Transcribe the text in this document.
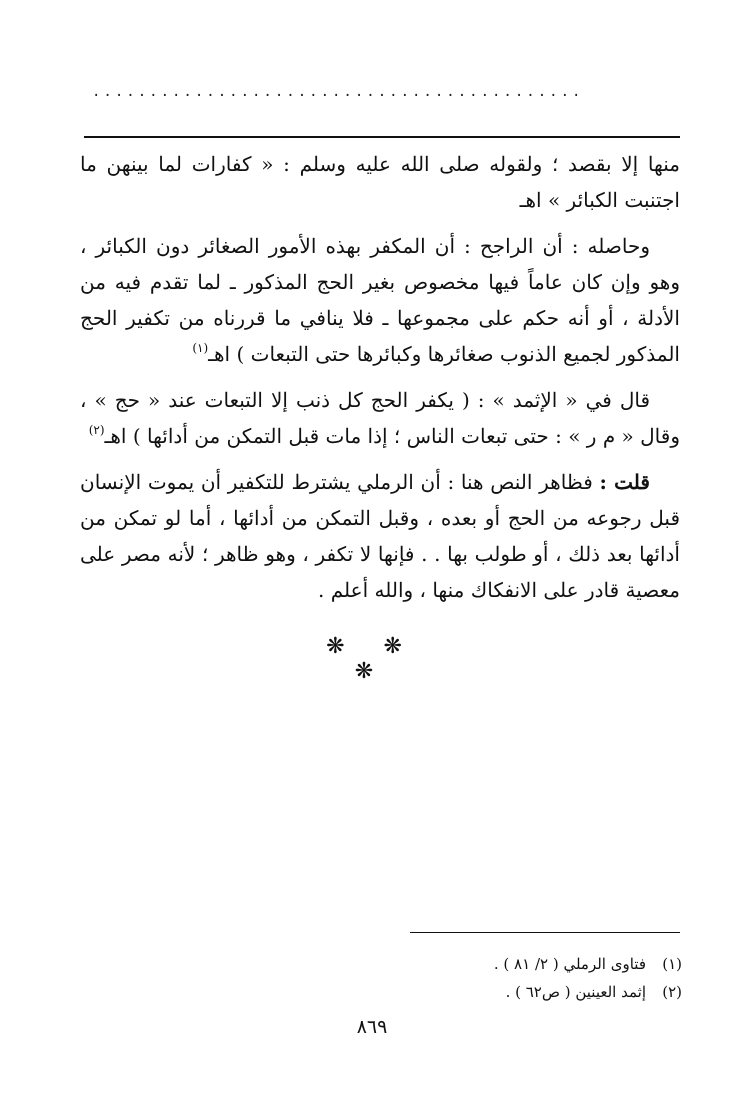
...........................................

منها إلا بقصد ؛ ولقوله صلى الله عليه وسلم : « كفارات لما بينهن ما اجتنبت الكبائر » اهـ

وحاصله : أن الراجح : أن المكفر بهذه الأمور الصغائر دون الكبائر ، وهو وإن كان عاماً فيها مخصوص بغير الحج المذكور ـ لما تقدم فيه من الأدلة ، أو أنه حكم على مجموعها ـ فلا ينافي ما قررناه من تكفير الحج المذكور لجميع الذنوب صغائرها وكبائرها حتى التبعات ) اهـ$^{(١)}$

قال في « الإثمد » : ( يكفر الحج كل ذنب إلا التبعات عند « حج » ، وقال « م ر » : حتى تبعات الناس ؛ إذا مات قبل التمكن من أدائها ) اهـ$^{(٢)}$

قلت : فظاهر النص هنا : أن الرملي يشترط للتكفير أن يموت الإنسان قبل رجوعه من الحج أو بعده ، وقبل التمكن من أدائها ، أما لو تمكن من أدائها بعد ذلك ، أو طولب بها . . فإنها لا تكفر ، وهو ظاهر ؛ لأنه مصر على معصية قادر على الانفكاك منها ، والله أعلم .

❋ ❋ ❋
(١)فتاوى الرملي ( ٢/ ٨١ ) .
(٢)إثمد العينين ( ص٦٢ ) .
٨٦٩
